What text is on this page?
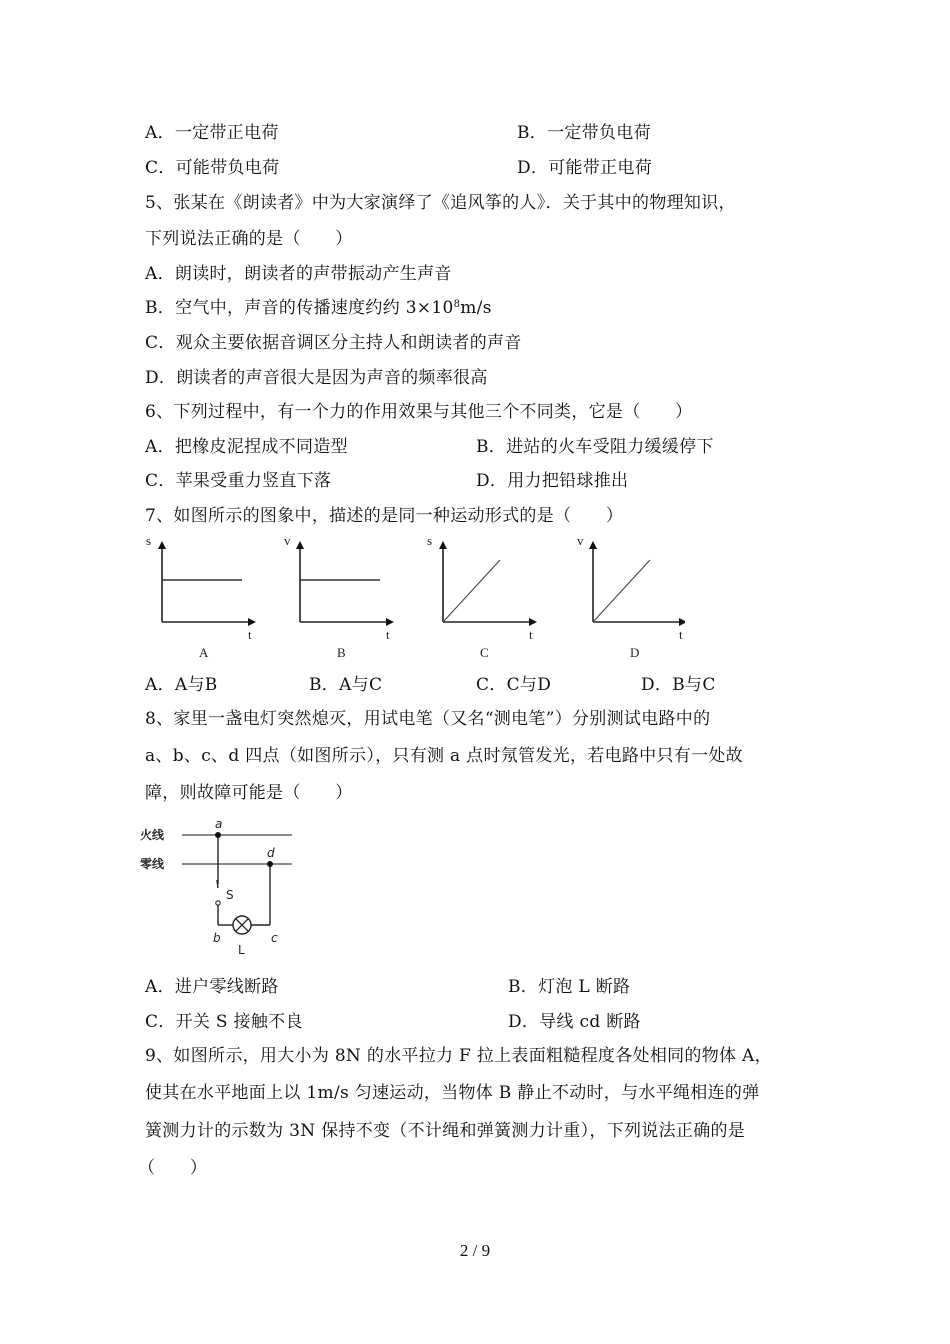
A．一定带正电荷	B．一定带负电荷
C．可能带负电荷	D．可能带正电荷
5、张某在《朗读者》中为大家演绎了《追风筝的人》．关于其中的物理知识，
下列说法正确的是（　　）
A．朗读时，朗读者的声带振动产生声音
B．空气中，声音的传播速度约约 $3\times 10^8m/s$
C．观众主要依据音调区分主持人和朗读者的声音
D．朗读者的声音很大是因为声音的频率很高
6、下列过程中，有一个力的作用效果与其他三个不同类，它是（　　）
A．把橡皮泥捏成不同造型	B．进站的火车受阻力缓缓停下
C．苹果受重力竖直下落	D．用力把铅球推出
7、如图所示的图象中，描述的是同一种运动形式的是（　　）
s
t
A
v
t
B
s
t
C
v
t
D
A．A与B	B．A与C	C．C与D	D．B与C
8、家里一盏电灯突然熄灭，用试电笔（又名“测电笔”）分别测试电路中的
a、b、c、d 四点（如图所示），只有测 a 点时氖管发光，若电路中只有一处故
障，则故障可能是（　　）
火线
零线
a
d
S
b	c
L
A．进户零线断路	B．灯泡 L 断路
C．开关 S 接触不良	D．导线 cd 断路
9、如图所示，用大小为 8N 的水平拉力 F 拉上表面粗糙程度各处相同的物体 A，
使其在水平地面上以 1m/s 匀速运动，当物体 B 静止不动时，与水平绳相连的弹
簧测力计的示数为 3N 保持不变（不计绳和弹簧测力计重），下列说法正确的是
（　　）
2 / 9
